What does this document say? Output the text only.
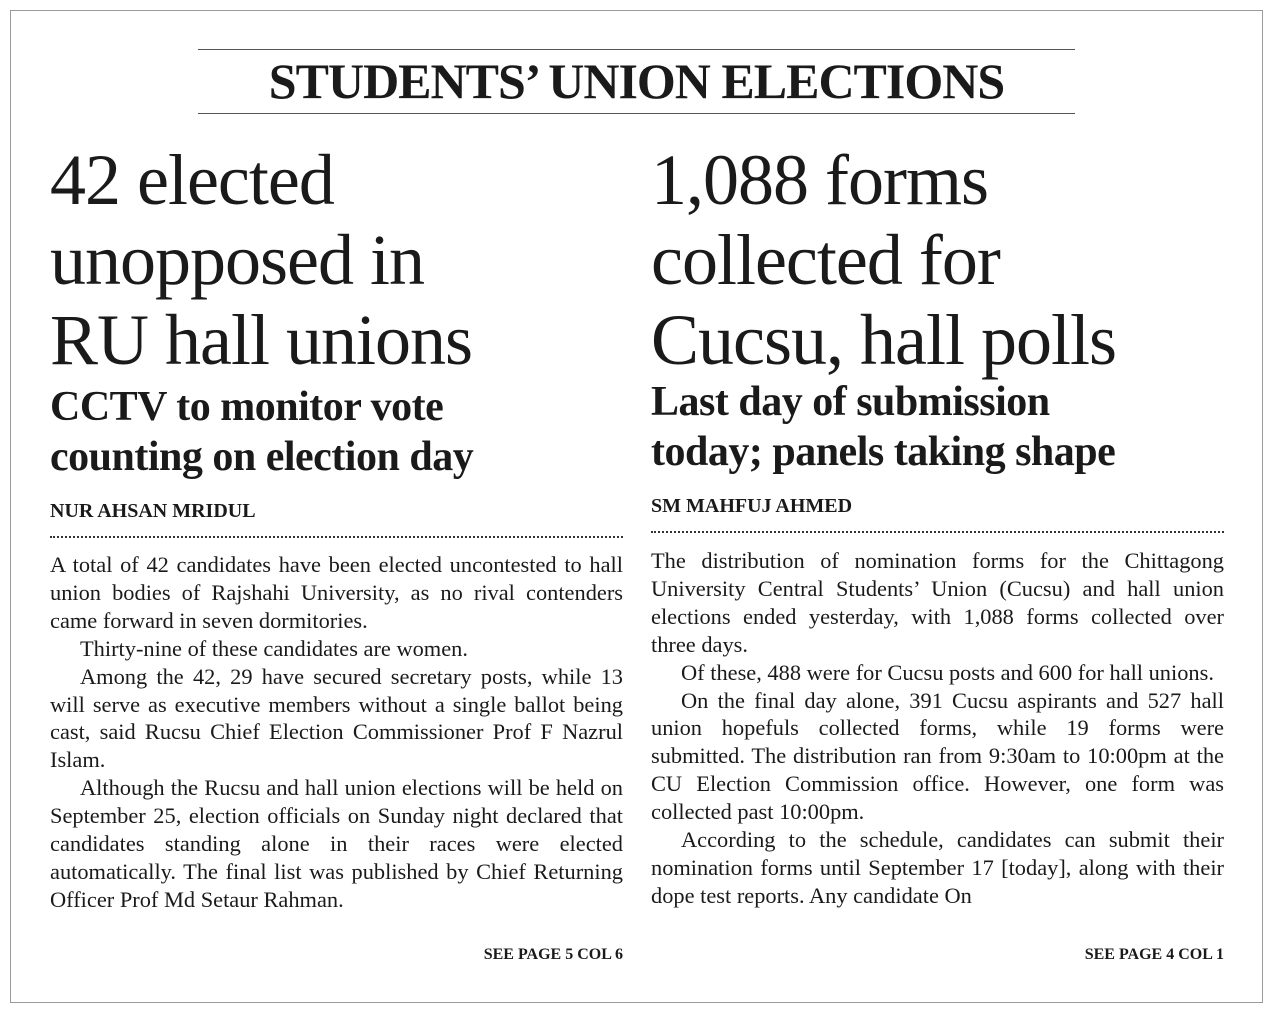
STUDENTS’ UNION ELECTIONS
42 elected
unopposed in
RU hall unions
CCTV to monitor vote
counting on election day

NUR AHSAN MRIDUL

A total of 42 candidates have been elected uncontested to hall union bodies of Rajshahi University, as no rival contenders came forward in seven dormitories.

Thirty-nine of these candidates are women.

Among the 42, 29 have secured secretary posts, while 13 will serve as executive members without a single ballot being cast, said Rucsu Chief Election Commissioner Prof F Nazrul Islam.

Although the Rucsu and hall union elections will be held on September 25, election officials on Sunday night declared that candidates standing alone in their races were elected automatically. The final list was published by Chief Returning Officer Prof Md Setaur Rahman.

SEE PAGE 5 COL 6

1,088 forms
collected for
Cucsu, hall polls
Last day of submission
today; panels taking shape

SM MAHFUJ AHMED

The distribution of nomination forms for the Chittagong University Central Students’ Union (Cucsu) and hall union elections ended yesterday, with 1,088 forms collected over three days.

Of these, 488 were for Cucsu posts and 600 for hall unions.

On the final day alone, 391 Cucsu aspirants and 527 hall union hopefuls collected forms, while 19 forms were submitted. The distribution ran from 9:30am to 10:00pm at the CU Election Commission office. However, one form was collected past 10:00pm.

According to the schedule, candidates can submit their nomination forms until September 17 [today], along with their dope test reports. Any candidate On

SEE PAGE 4 COL 1
